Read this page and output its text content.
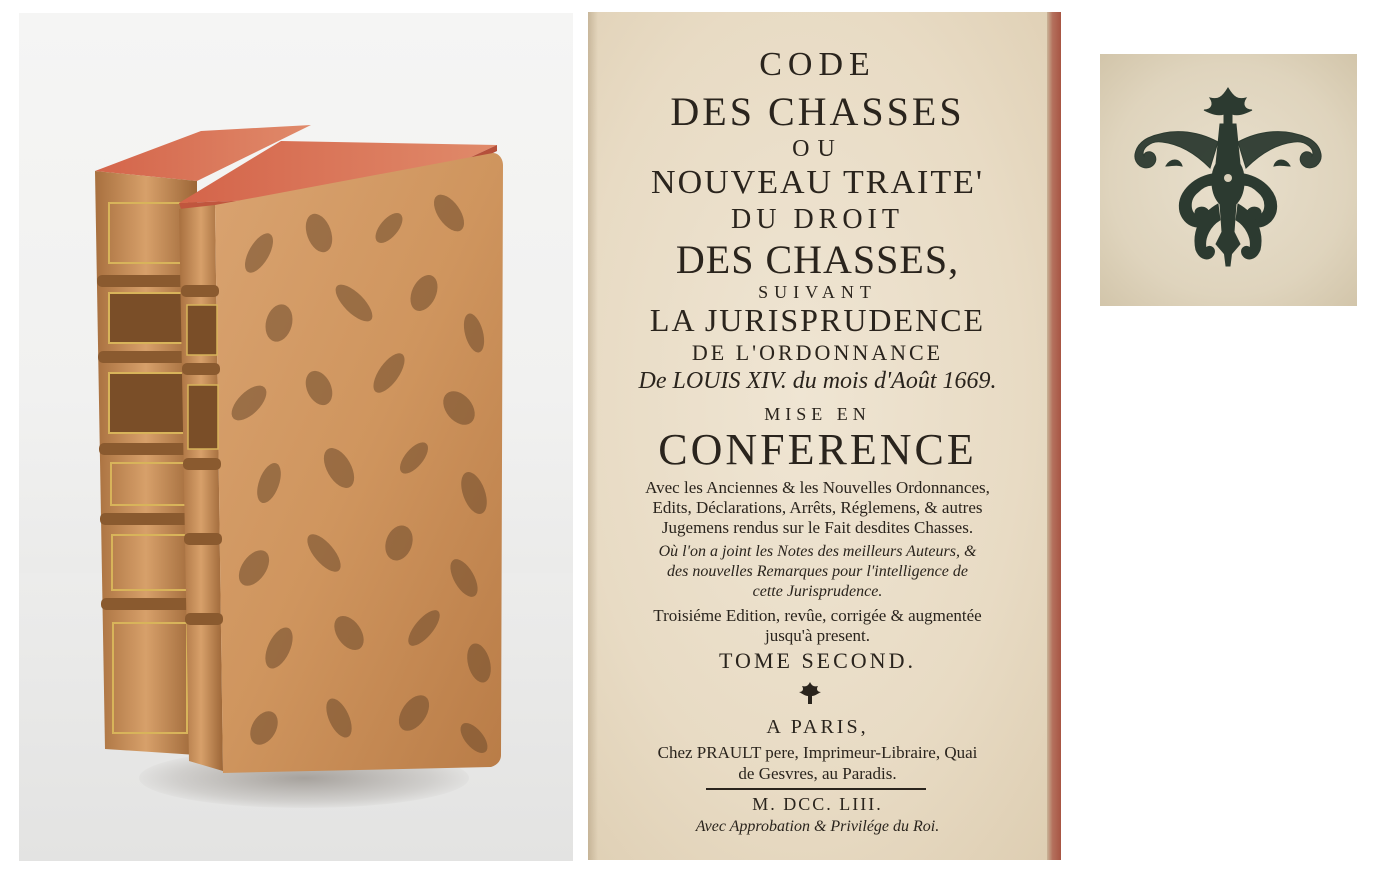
CODE
DES CHASSES
OU
NOUVEAU TRAITE'
DU DROIT
DES CHASSES,
SUIVANT
LA JURISPRUDENCE
DE L'ORDONNANCE
De LOUIS XIV. du mois d'Août 1669.
MISE EN
CONFERENCE
Avec les Anciennes & les Nouvelles Ordonnances,
Edits, Déclarations, Arrêts, Réglemens, & autres
Jugemens rendus sur le Fait desdites Chasses.
Où l'on a joint les Notes des meilleurs Auteurs, &
des nouvelles Remarques pour l'intelligence de
cette Jurisprudence.
Troisiéme Edition, revûe, corrigée & augmentée
jusqu'à present.
TOME SECOND.
A PARIS,
Chez PRAULT pere, Imprimeur-Libraire, Quai
de Gesvres, au Paradis.
M. DCC. LIII.
Avec Approbation & Privilége du Roi.
